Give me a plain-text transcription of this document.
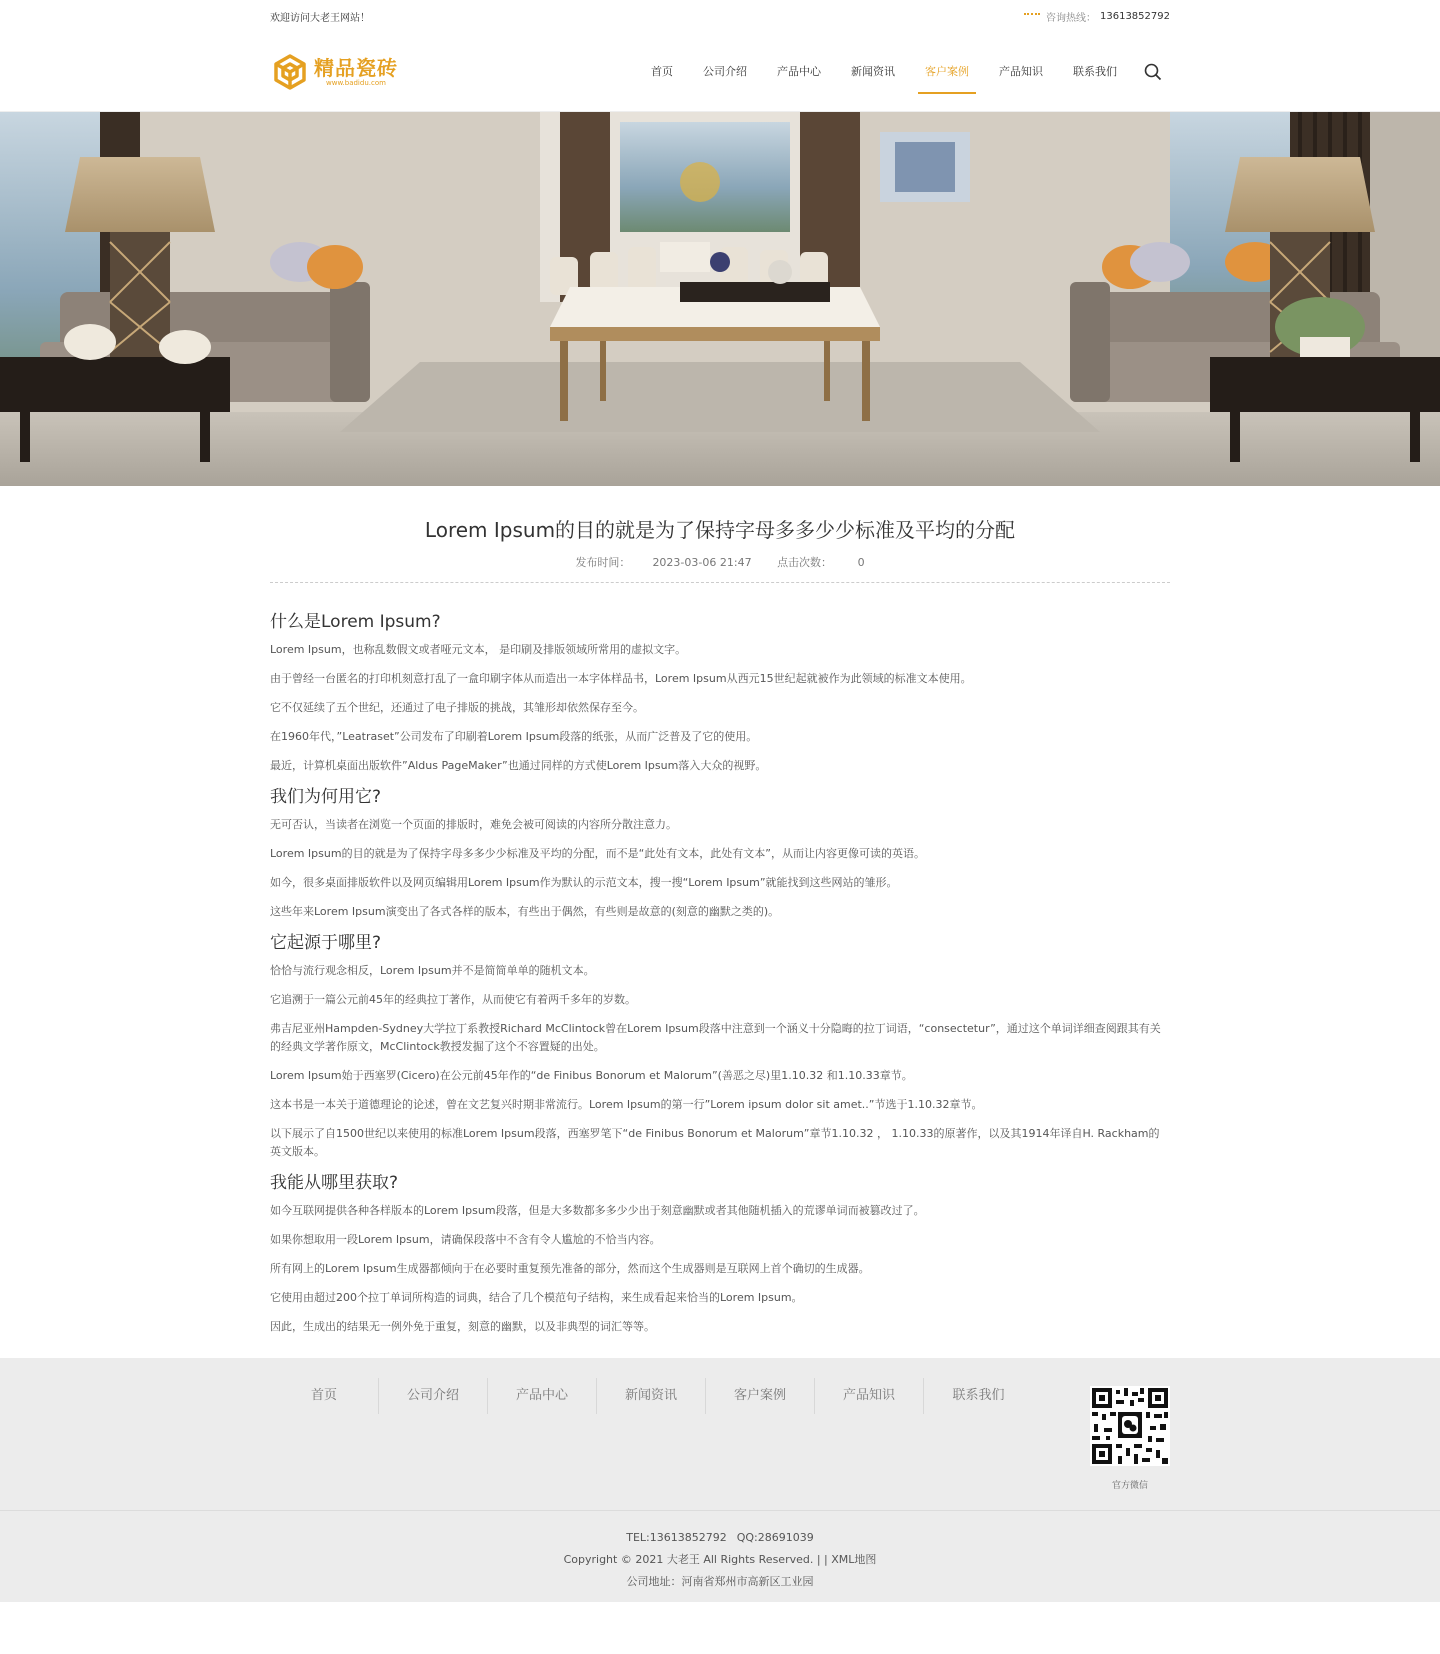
欢迎访问大老王网站！	咨询热线： 13613852792
精品瓷砖
www.badidu.com
首页	公司介绍	产品中心	新闻资讯	客户案例	产品知识	联系我们
Lorem Ipsum的目的就是为了保持字母多多少少标准及平均的分配
发布时间： 2023-03-06 21:47 点击次数： 0
什么是Lorem Ipsum?

Lorem Ipsum，也称乱数假文或者哑元文本， 是印刷及排版领域所常用的虚拟文字。

由于曾经一台匿名的打印机刻意打乱了一盒印刷字体从而造出一本字体样品书，Lorem Ipsum从西元15世纪起就被作为此领域的标准文本使用。

它不仅延续了五个世纪，还通过了电子排版的挑战，其雏形却依然保存至今。

在1960年代，”Leatraset”公司发布了印刷着Lorem Ipsum段落的纸张，从而广泛普及了它的使用。

最近，计算机桌面出版软件”Aldus PageMaker”也通过同样的方式使Lorem Ipsum落入大众的视野。

我们为何用它?

无可否认，当读者在浏览一个页面的排版时，难免会被可阅读的内容所分散注意力。

Lorem Ipsum的目的就是为了保持字母多多少少标准及平均的分配，而不是“此处有文本，此处有文本”，从而让内容更像可读的英语。

如今，很多桌面排版软件以及网页编辑用Lorem Ipsum作为默认的示范文本，搜一搜“Lorem Ipsum”就能找到这些网站的雏形。

这些年来Lorem Ipsum演变出了各式各样的版本，有些出于偶然，有些则是故意的(刻意的幽默之类的)。

它起源于哪里?

恰恰与流行观念相反，Lorem Ipsum并不是简简单单的随机文本。

它追溯于一篇公元前45年的经典拉丁著作，从而使它有着两千多年的岁数。

弗吉尼亚州Hampden-Sydney大学拉丁系教授Richard McClintock曾在Lorem Ipsum段落中注意到一个涵义十分隐晦的拉丁词语，“consectetur”，通过这个单词详细查阅跟其有关的经典文学著作原文，McClintock教授发掘了这个不容置疑的出处。

Lorem Ipsum始于西塞罗(Cicero)在公元前45年作的“de Finibus Bonorum et Malorum”(善恶之尽)里1.10.32 和1.10.33章节。

这本书是一本关于道德理论的论述，曾在文艺复兴时期非常流行。Lorem Ipsum的第一行”Lorem ipsum dolor sit amet..”节选于1.10.32章节。

以下展示了自1500世纪以来使用的标准Lorem Ipsum段落，西塞罗笔下“de Finibus Bonorum et Malorum”章节1.10.32 ， 1.10.33的原著作，以及其1914年译自H. Rackham的英文版本。

我能从哪里获取?

如今互联网提供各种各样版本的Lorem Ipsum段落，但是大多数都多多少少出于刻意幽默或者其他随机插入的荒谬单词而被篡改过了。

如果你想取用一段Lorem Ipsum，请确保段落中不含有令人尴尬的不恰当内容。

所有网上的Lorem Ipsum生成器都倾向于在必要时重复预先准备的部分，然而这个生成器则是互联网上首个确切的生成器。

它使用由超过200个拉丁单词所构造的词典，结合了几个模范句子结构，来生成看起来恰当的Lorem Ipsum。

因此，生成出的结果无一例外免于重复，刻意的幽默，以及非典型的词汇等等。

首页	公司介绍	产品中心	新闻资讯	客户案例	产品知识	联系我们
官方微信

TEL:13613852792 QQ:28691039

Copyright © 2021 大老王 All Rights Reserved. | | XML地图

公司地址：河南省郑州市高新区工业园
